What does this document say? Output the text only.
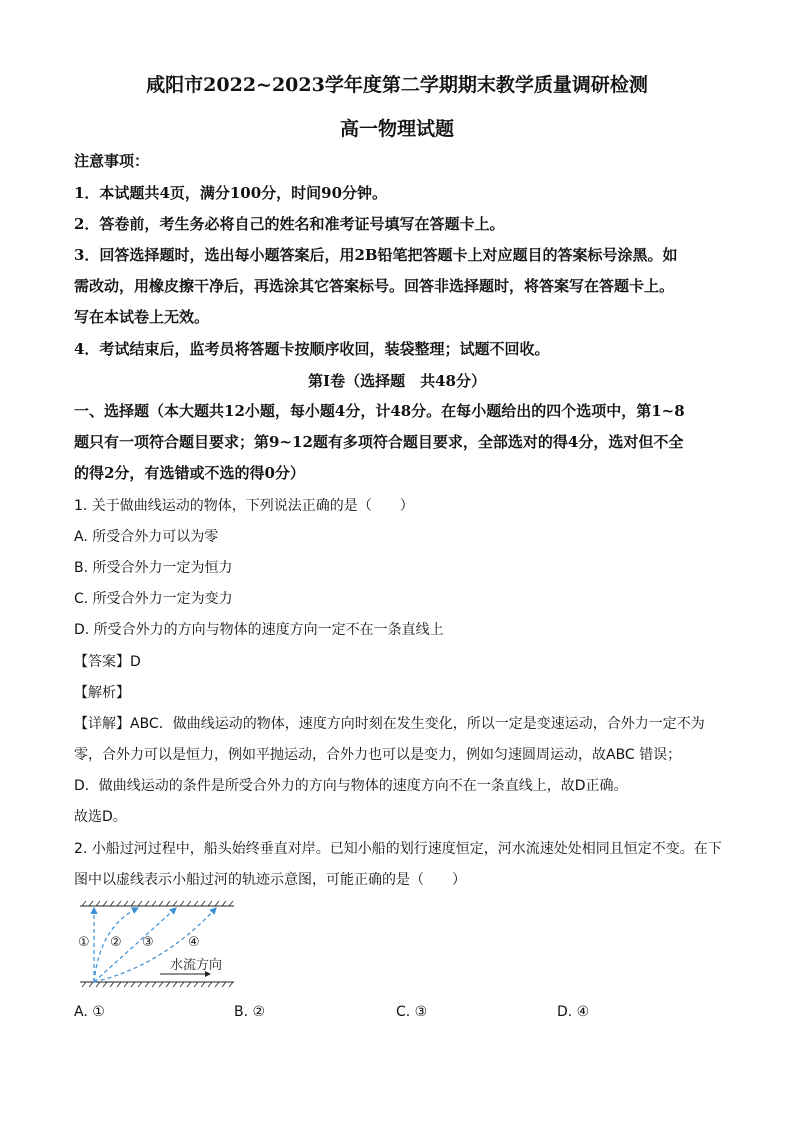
咸阳市2022~2023学年度第二学期期末教学质量调研检测
高一物理试题
注意事项：
1．本试题共4页，满分100分，时间90分钟。
2．答卷前，考生务必将自己的姓名和准考证号填写在答题卡上。
3．回答选择题时，选出每小题答案后，用2B铅笔把答题卡上对应题目的答案标号涂黑。如
需改动，用橡皮擦干净后，再选涂其它答案标号。回答非选择题时，将答案写在答题卡上。
写在本试卷上无效。
4．考试结束后，监考员将答题卡按顺序收回，装袋整理；试题不回收。
第Ⅰ卷（选择题　共48分）
一、选择题（本大题共12小题，每小题4分，计48分。在每小题给出的四个选项中，第1~8
题只有一项符合题目要求；第9~12题有多项符合题目要求，全部选对的得4分，选对但不全
的得2分，有选错或不选的得0分）
1. 关于做曲线运动的物体，下列说法正确的是（　　）
A. 所受合外力可以为零
B. 所受合外力一定为恒力
C. 所受合外力一定为变力
D. 所受合外力的方向与物体的速度方向一定不在一条直线上
【答案】D
【解析】
【详解】ABC．做曲线运动的物体，速度方向时刻在发生变化，所以一定是变速运动，合外力一定不为
零，合外力可以是恒力，例如平抛运动，合外力也可以是变力，例如匀速圆周运动，故ABC 错误；
D．做曲线运动的条件是所受合外力的方向与物体的速度方向不在一条直线上，故D正确。
故选D。
2. 小船过河过程中，船头始终垂直对岸。已知小船的划行速度恒定，河水流速处处相同且恒定不变。在下
图中以虚线表示小船过河的轨迹示意图，可能正确的是（　　）
① ② ③	④
水流方向
A. ①	B. ②	C. ③	D. ④
